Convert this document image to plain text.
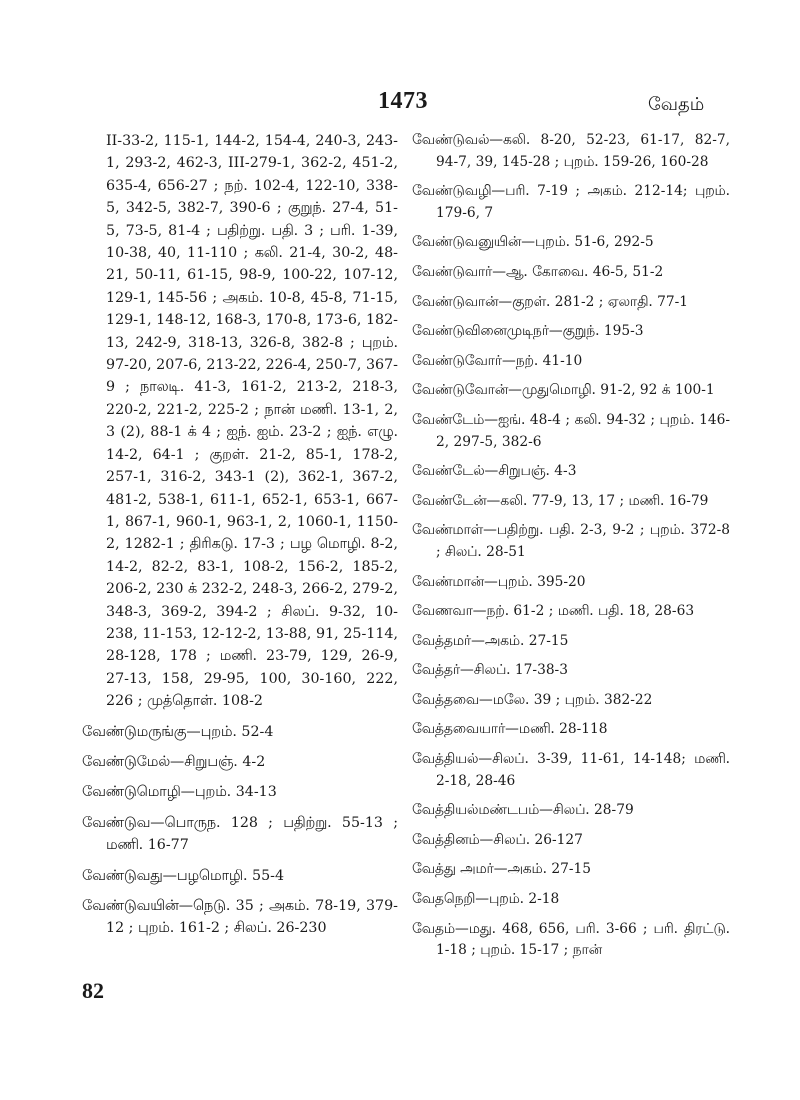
1473	வேதம்
II-33-2, 115-1, 144-2, 154-4, 240-3, 243-1, 293-2, 462-3, III-279-1, 362-2, 451-2, 635-4, 656-27 ; நற். 102-4, 122-10, 338-5, 342-5, 382-7, 390-6 ; குறுந். 27-4, 51-5, 73-5, 81-4 ; பதிற்று. பதி. 3 ; பரி. 1-39, 10-38, 40, 11-110 ; கலி. 21-4, 30-2, 48-21, 50-11, 61-15, 98-9, 100-22, 107-12, 129-1, 145-56 ; அகம். 10-8, 45-8, 71-15, 129-1, 148-12, 168-3, 170-8, 173-6, 182-13, 242-9, 318-13, 326-8, 382-8 ; புறம். 97-20, 207-6, 213-22, 226-4, 250-7, 367-9 ; நாலடி. 41-3, 161-2, 213-2, 218-3, 220-2, 221-2, 225-2 ; நான் மணி. 13-1, 2, 3 (2), 88-1 க் 4 ; ஐந். ஐம். 23-2 ; ஐந். எழு. 14-2, 64-1 ; குறள். 21-2, 85-1, 178-2, 257-1, 316-2, 343-1 (2), 362-1, 367-2, 481-2, 538-1, 611-1, 652-1, 653-1, 667-1, 867-1, 960-1, 963-1, 2, 1060-1, 1150-2, 1282-1 ; திரிகடு. 17-3 ; பழ மொழி. 8-2, 14-2, 82-2, 83-1, 108-2, 156-2, 185-2, 206-2, 230 க் 232-2, 248-3, 266-2, 279-2, 348-3, 369-2, 394-2 ; சிலப். 9-32, 10-238, 11-153, 12-12-2, 13-88, 91, 25-114, 28-128, 178 ; மணி. 23-79, 129, 26-9, 27-13, 158, 29-95, 100, 30-160, 222, 226 ; முத்தொள். 108-2
வேண்டுமருங்கு—புறம். 52-4
வேண்டுமேல்—சிறுபஞ். 4-2
வேண்டுமொழி—புறம். 34-13
வேண்டுவ—பொருந. 128 ; பதிற்று. 55-13 ; மணி. 16-77
வேண்டுவது—பழமொழி. 55-4
வேண்டுவயின்—நெடு. 35 ; அகம். 78-19, 379-12 ; புறம். 161-2 ; சிலப். 26-230
வேண்டுவல்—கலி. 8-20, 52-23, 61-17, 82-7, 94-7, 39, 145-28 ; புறம். 159-26, 160-28
வேண்டுவழி—பரி. 7-19 ; அகம். 212-14; புறம். 179-6, 7
வேண்டுவனுயின்—புறம். 51-6, 292-5
வேண்டுவார்—ஆ. கோவை. 46-5, 51-2
வேண்டுவான்—குறள். 281-2 ; ஏலாதி. 77-1
வேண்டுவினைமுடிநர்—குறுந். 195-3
வேண்டுவோர்—நற். 41-10
வேண்டுவோன்—முதுமொழி. 91-2, 92 க் 100-1
வேண்டேம்—ஐங். 48-4 ; கலி. 94-32 ; புறம். 146-2, 297-5, 382-6
வேண்டேல்—சிறுபஞ். 4-3
வேண்டேன்—கலி. 77-9, 13, 17 ; மணி. 16-79
வேண்மாள்—பதிற்று. பதி. 2-3, 9-2 ; புறம். 372-8 ; சிலப். 28-51
வேண்மான்—புறம். 395-20
வேணவா—நற். 61-2 ; மணி. பதி. 18, 28-63
வேத்தமர்—அகம். 27-15
வேத்தர்—சிலப். 17-38-3
வேத்தவை—மலே. 39 ; புறம். 382-22
வேத்தவையார்—மணி. 28-118
வேத்தியல்—சிலப். 3-39, 11-61, 14-148; மணி. 2-18, 28-46
வேத்தியல்மண்டபம்—சிலப். 28-79
வேத்தினம்—சிலப். 26-127
வேத்து அமர்—அகம். 27-15
வேதநெறி—புறம். 2-18
வேதம்—மது. 468, 656, பரி. 3-66 ; பரி. திரட்டு. 1-18 ; புறம். 15-17 ; நான்
82
